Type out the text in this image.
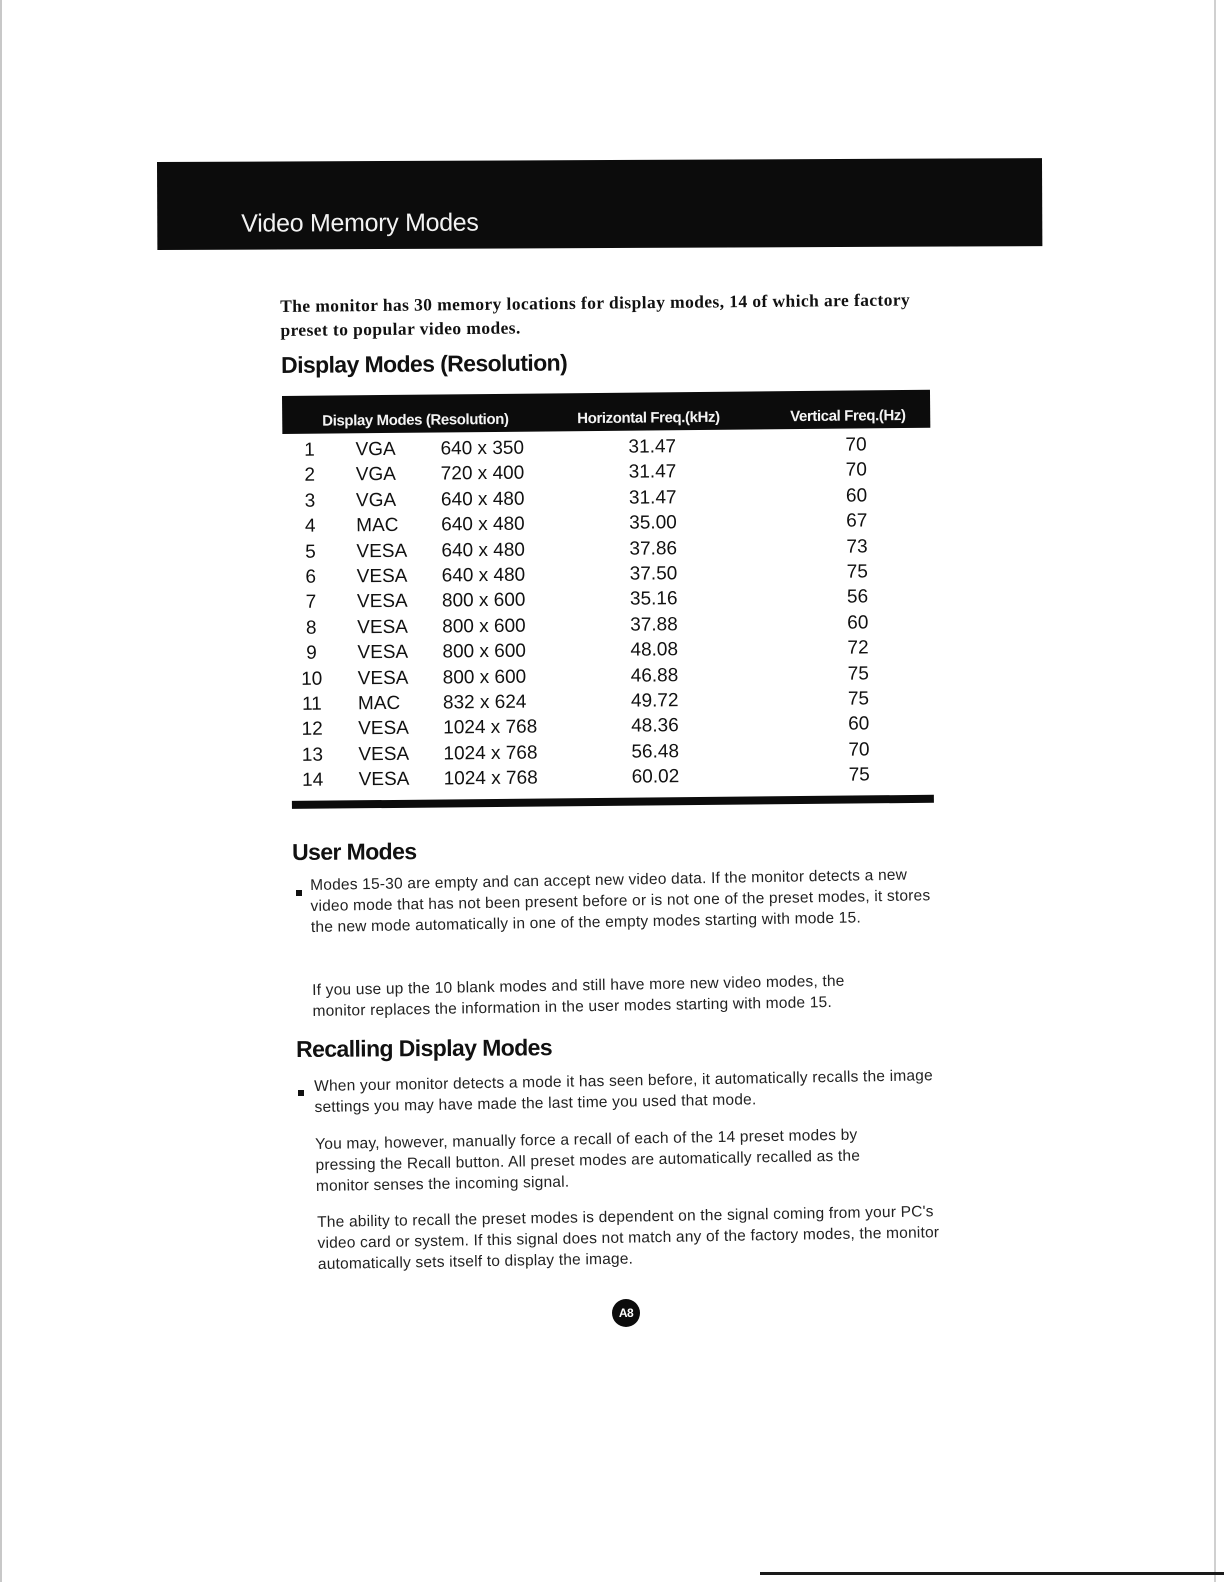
Video Memory Modes

The monitor has 30 memory locations for display modes, 14 of which are factory preset to popular video modes.

Display Modes (Resolution)
Display Modes (Resolution)	Horizontal Freq.(kHz)	Vertical Freq.(Hz)
1	VGA 640 x 350	31.47	70
2	VGA 720 x 400	31.47	70
3	VGA 640 x 480	31.47	60
4	MAC 640 x 480	35.00	67
5	VESA 640 x 480	37.86	73
6	VESA 640 x 480	37.50	75
7	VESA 800 x 600	35.16	56
8	VESA 800 x 600	37.88	60
9	VESA 800 x 600	48.08	72
10 VESA 800 x 600	46.88	75
11 MAC 832 x 624	49.72	75
12 VESA 1024 x 768	48.36	60
13 VESA 1024 x 768	56.48	70
14 VESA 1024 x 768	60.02	75
User Modes

Modes 15-30 are empty and can accept new video data. If the monitor detects a new video mode that has not been present before or is not one of the preset modes, it stores the new mode automatically in one of the empty modes starting with mode 15.

If you use up the 10 blank modes and still have more new video modes, the monitor replaces the information in the user modes starting with mode 15.

Recalling Display Modes

When your monitor detects a mode it has seen before, it automatically recalls the image settings you may have made the last time you used that mode.

You may, however, manually force a recall of each of the 14 preset modes by pressing the Recall button. All preset modes are automatically recalled as the monitor senses the incoming signal.

The ability to recall the preset modes is dependent on the signal coming from your PC's video card or system. If this signal does not match any of the factory modes, the monitor automatically sets itself to display the image.

A8
